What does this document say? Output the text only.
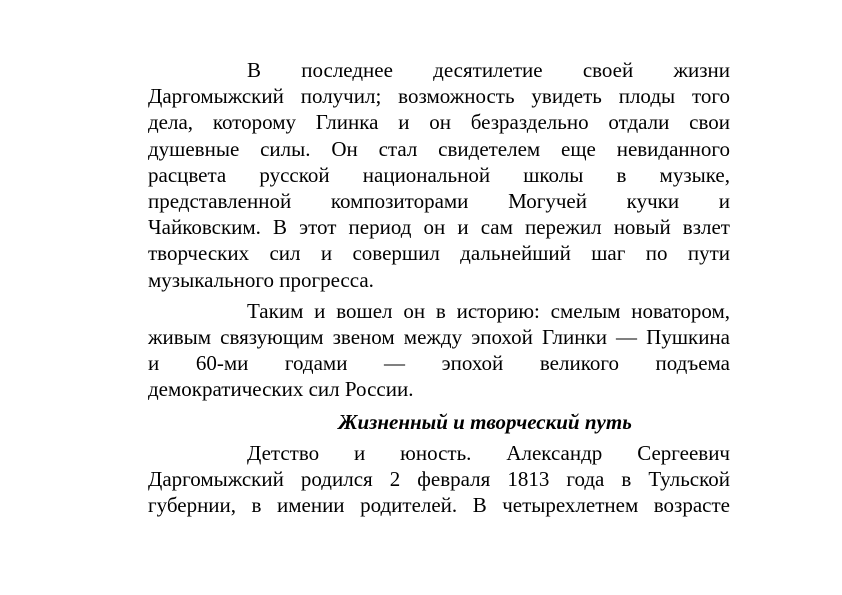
В последнее десятилетие своей жизни
Даргомыжский получил; возможность увидеть плоды того
дела, которому Глинка и он безраздельно отдали свои
душевные силы. Он стал свидетелем еще невиданного
расцвета русской национальной школы в музыке,
представленной композиторами Могучей кучки и
Чайковским. В этот период он и сам пережил новый взлет
творческих сил и совершил дальнейший шаг по пути
музыкального прогресса.
Таким и вошел он в историю: смелым новатором,
живым связующим звеном между эпохой Глинки — Пушкина
и 60-ми годами — эпохой великого подъема
демократических сил России.
Жизненный и творческий путь
Детство и юность. Александр Сергеевич
Даргомыжский родился 2 февраля 1813 года в Тульской
губернии, в имении родителей. В четырехлетнем возрасте
